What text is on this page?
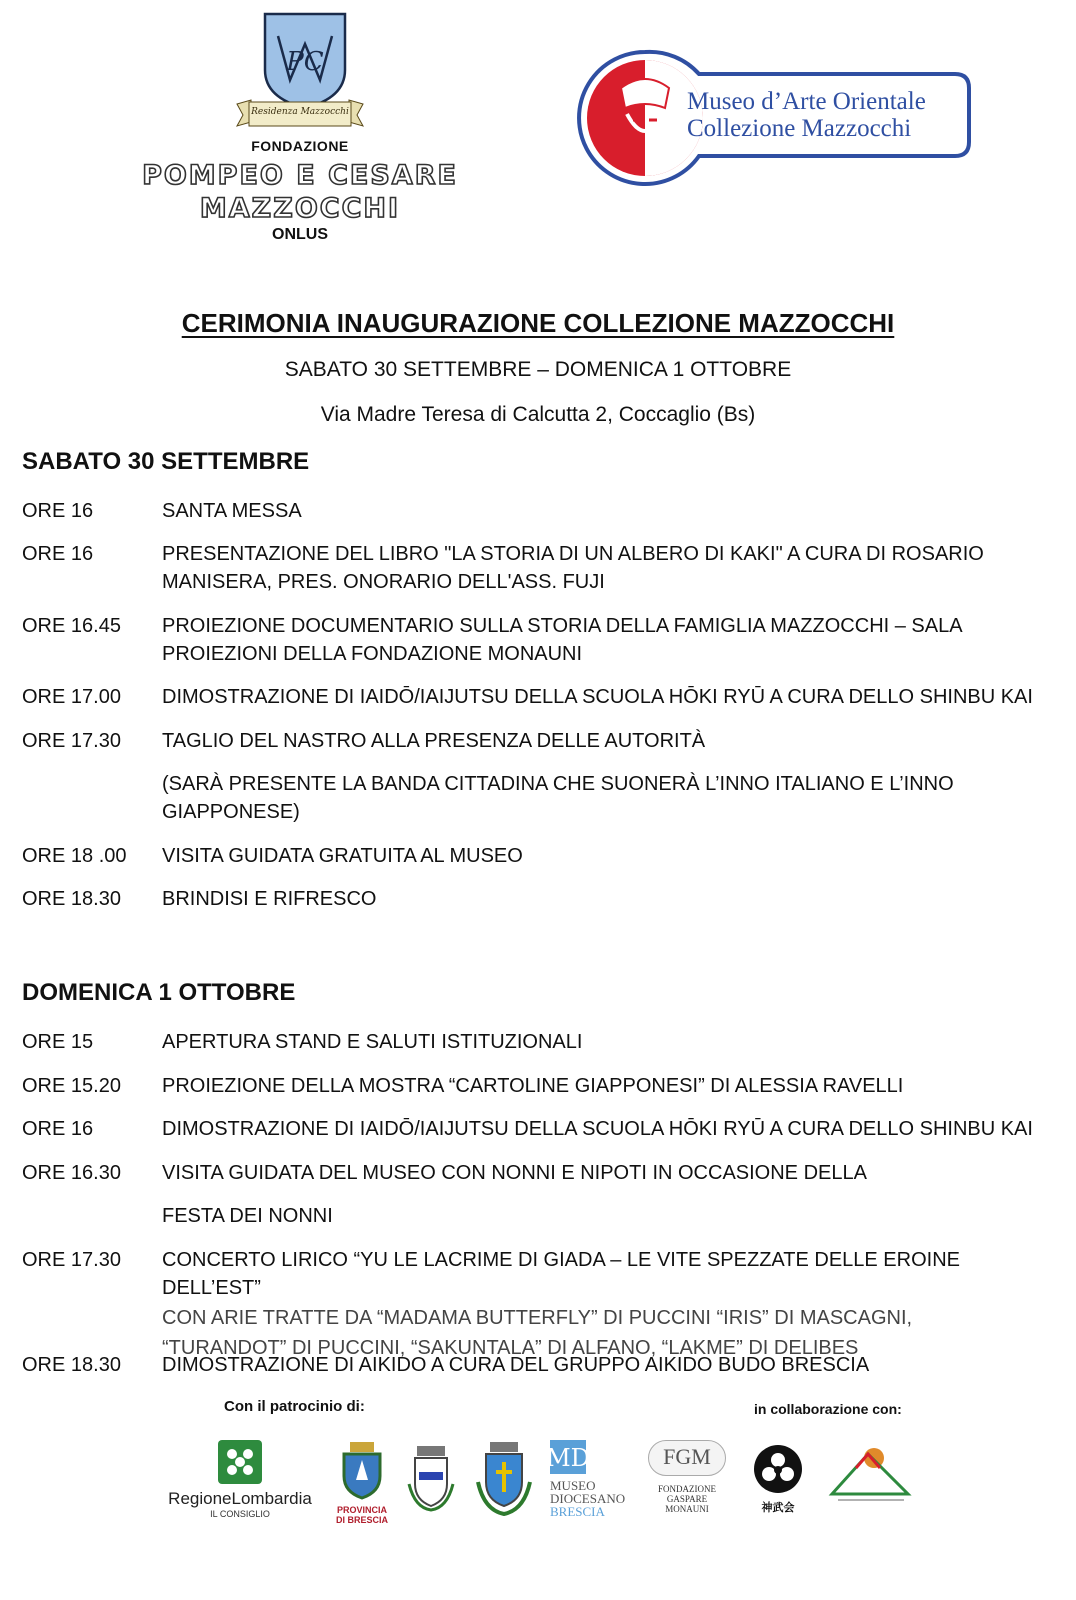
PC
Residenza Mazzocchi
FONDAZIONE
POMPEO E CESARE
MAZZOCCHI
ONLUS
Museo d’Arte Orientale
Collezione Mazzocchi
CERIMONIA INAUGURAZIONE COLLEZIONE MAZZOCCHI
SABATO 30 SETTEMBRE – DOMENICA 1 OTTOBRE
Via Madre Teresa di Calcutta 2, Coccaglio (Bs)
SABATO 30 SETTEMBRE
ORE 16	SANTA MESSA
ORE 16	PRESENTAZIONE DEL LIBRO "LA STORIA DI UN ALBERO DI KAKI" A CURA DI ROSARIO MANISERA, PRES. ONORARIO DELL'ASS. FUJI
ORE 16.45	PROIEZIONE DOCUMENTARIO SULLA STORIA DELLA FAMIGLIA MAZZOCCHI – SALA PROIEZIONI DELLA FONDAZIONE MONAUNI
ORE 17.00	DIMOSTRAZIONE DI IAIDŌ/IAIJUTSU DELLA SCUOLA HŌKI RYŪ A CURA DELLO SHINBU KAI
ORE 17.30	TAGLIO DEL NASTRO ALLA PRESENZA DELLE AUTORITÀ
(SARÀ PRESENTE LA BANDA CITTADINA CHE SUONERÀ L’INNO ITALIANO E L’INNO GIAPPONESE)
ORE 18 .00	VISITA GUIDATA GRATUITA AL MUSEO
ORE 18.30	BRINDISI E RIFRESCO
DOMENICA 1 OTTOBRE
ORE 15	APERTURA STAND E SALUTI ISTITUZIONALI
ORE 15.20	PROIEZIONE DELLA MOSTRA “CARTOLINE GIAPPONESI” DI ALESSIA RAVELLI
ORE 16	DIMOSTRAZIONE DI IAIDŌ/IAIJUTSU DELLA SCUOLA HŌKI RYŪ A CURA DELLO SHINBU KAI
ORE 16.30	VISITA GUIDATA DEL MUSEO CON NONNI E NIPOTI IN OCCASIONE DELLA
FESTA DEI NONNI
ORE 17.30	CONCERTO LIRICO “YU LE LACRIME DI GIADA – LE VITE SPEZZATE DELLE EROINE DELL’EST”
CON ARIE TRATTE DA “MADAMA BUTTERFLY” DI PUCCINI “IRIS” DI MASCAGNI,
“TURANDOT” DI PUCCINI, “SAKUNTALA” DI ALFANO, “LAKME” DI DELIBES
ORE 18.30	DIMOSTRAZIONE DI AIKIDO A CURA DEL GRUPPO AIKIDO BUDO BRESCIA
Con il patrocinio di:	in collaborazione con:
RegioneLombardia
IL CONSIGLIO	PROVINCIA DI BRESCIA
MD
MUSEO
DIOCESANO
BRESCIA
FGM
FONDAZIONE
GASPARE
MONAUNI	神武会
